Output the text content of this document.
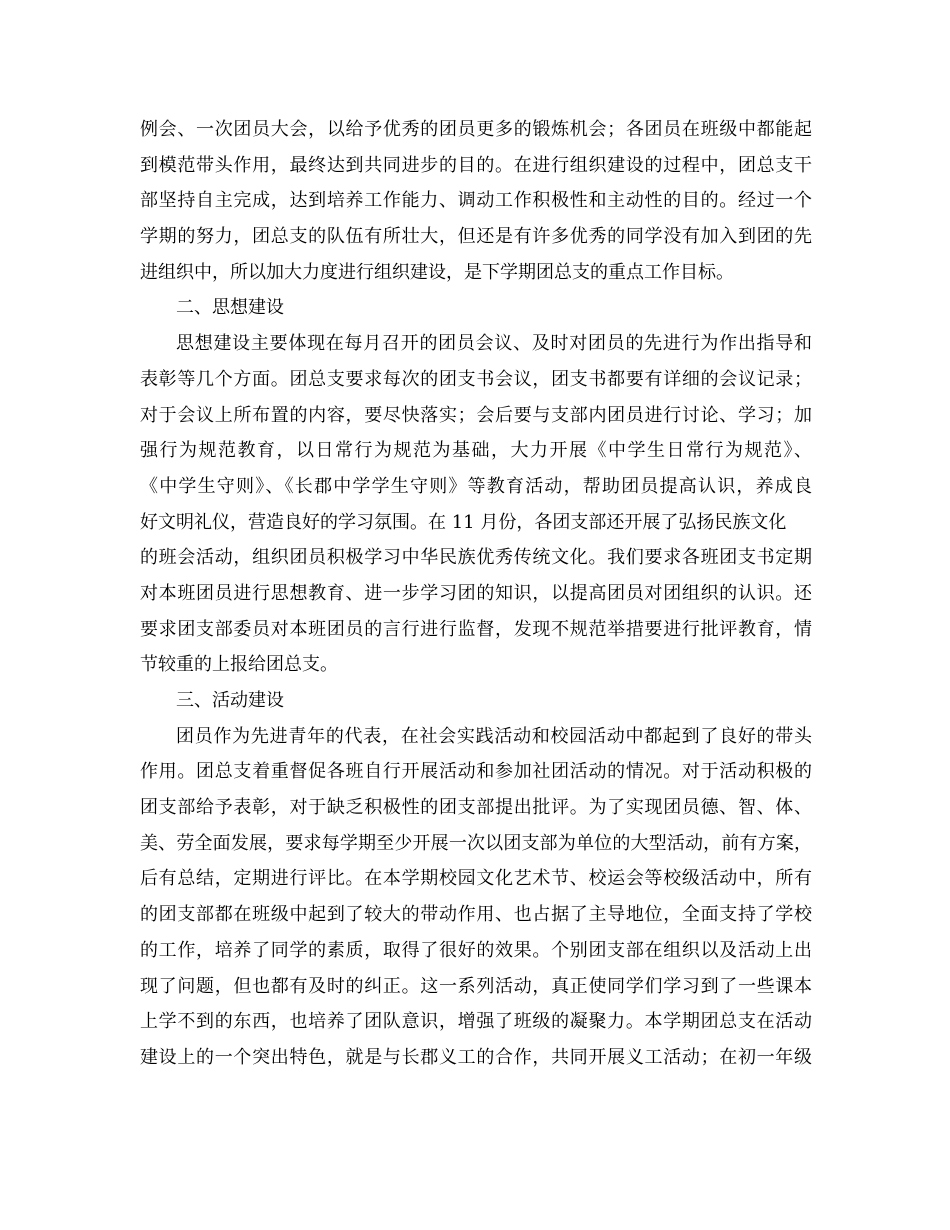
例会、一次团员大会，以给予优秀的团员更多的锻炼机会；各团员在班级中都能起
到模范带头作用，最终达到共同进步的目的。在进行组织建设的过程中，团总支干
部坚持自主完成，达到培养工作能力、调动工作积极性和主动性的目的。经过一个
学期的努力，团总支的队伍有所壮大，但还是有许多优秀的同学没有加入到团的先
进组织中，所以加大力度进行组织建设，是下学期团总支的重点工作目标。
二、思想建设
思想建设主要体现在每月召开的团员会议、及时对团员的先进行为作出指导和
表彰等几个方面。团总支要求每次的团支书会议，团支书都要有详细的会议记录；
对于会议上所布置的内容，要尽快落实；会后要与支部内团员进行讨论、学习；加
强行为规范教育，以日常行为规范为基础，大力开展《中学生日常行为规范》、
《中学生守则》、《长郡中学学生守则》等教育活动，帮助团员提高认识，养成良
好文明礼仪，营造良好的学习氛围。在 11 月份，各团支部还开展了弘扬民族文化
的班会活动，组织团员积极学习中华民族优秀传统文化。我们要求各班团支书定期
对本班团员进行思想教育、进一步学习团的知识，以提高团员对团组织的认识。还
要求团支部委员对本班团员的言行进行监督，发现不规范举措要进行批评教育，情
节较重的上报给团总支。
三、活动建设
团员作为先进青年的代表，在社会实践活动和校园活动中都起到了良好的带头
作用。团总支着重督促各班自行开展活动和参加社团活动的情况。对于活动积极的
团支部给予表彰，对于缺乏积极性的团支部提出批评。为了实现团员德、智、体、
美、劳全面发展，要求每学期至少开展一次以团支部为单位的大型活动，前有方案，
后有总结，定期进行评比。在本学期校园文化艺术节、校运会等校级活动中，所有
的团支部都在班级中起到了较大的带动作用、也占据了主导地位，全面支持了学校
的工作，培养了同学的素质，取得了很好的效果。个别团支部在组织以及活动上出
现了问题，但也都有及时的纠正。这一系列活动，真正使同学们学习到了一些课本
上学不到的东西，也培养了团队意识，增强了班级的凝聚力。本学期团总支在活动
建设上的一个突出特色，就是与长郡义工的合作，共同开展义工活动；在初一年级
